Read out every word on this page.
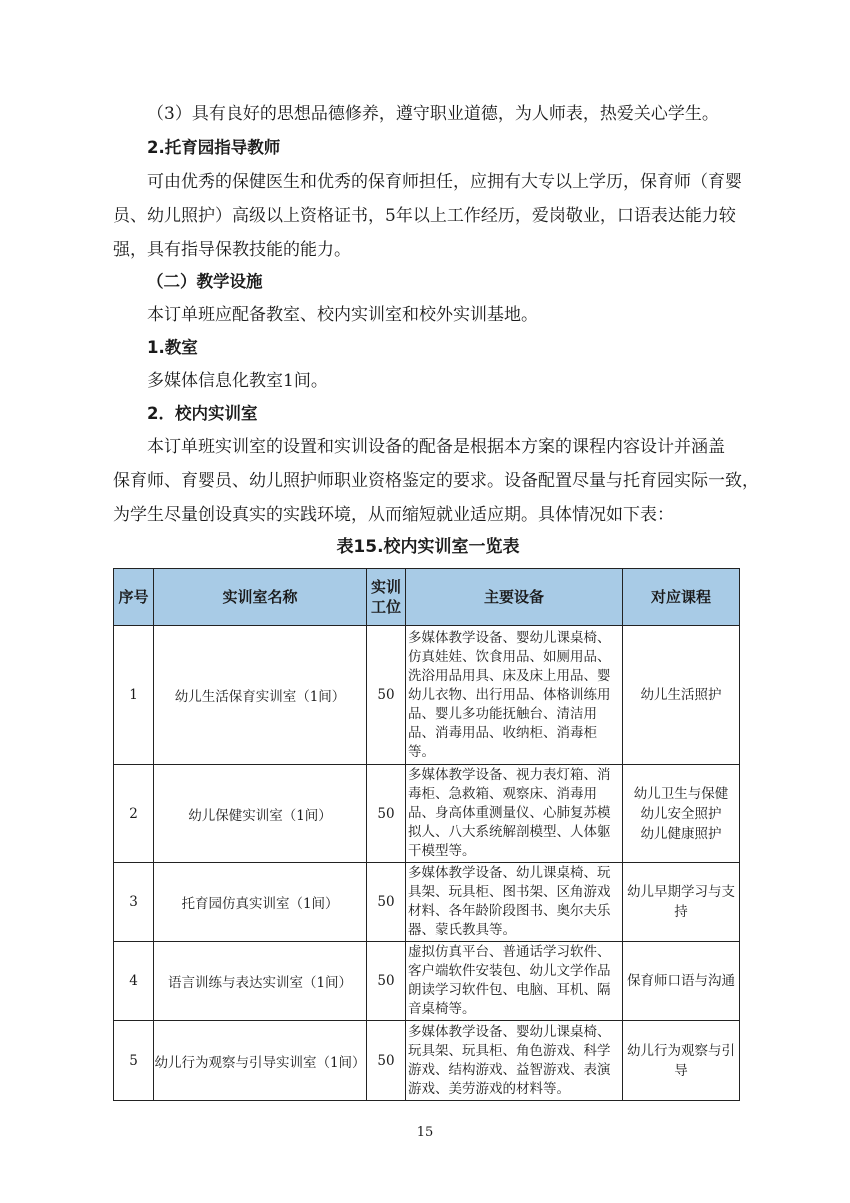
（3）具有良好的思想品德修养，遵守职业道德，为人师表，热爱关心学生。
2.托育园指导教师
可由优秀的保健医生和优秀的保育师担任，应拥有大专以上学历，保育师（育婴
员、幼儿照护）高级以上资格证书，5年以上工作经历，爱岗敬业，口语表达能力较
强，具有指导保教技能的能力。
（二）教学设施
本订单班应配备教室、校内实训室和校外实训基地。
1.教室
多媒体信息化教室1间。
2．校内实训室
本订单班实训室的设置和实训设备的配备是根据本方案的课程内容设计并涵盖
保育师、育婴员、幼儿照护师职业资格鉴定的要求。设备配置尽量与托育园实际一致，
为学生尽量创设真实的实践环境，从而缩短就业适应期。具体情况如下表：
表15.校内实训室一览表
序号	实训室名称	实训工位	主要设备	对应课程
1	幼儿生活保育实训室（1间）	50	多媒体教学设备、婴幼儿课桌椅、仿真娃娃、饮食用品、如厕用品、洗浴用品用具、床及床上用品、婴幼儿衣物、出行用品、体格训练用品、婴儿多功能抚触台、清洁用品、消毒用品、收纳柜、消毒柜等。	幼儿生活照护
2	幼儿保健实训室（1间）	50	多媒体教学设备、视力表灯箱、消毒柜、急救箱、观察床、消毒用品、身高体重测量仪、心肺复苏模拟人、八大系统解剖模型、人体躯干模型等。	幼儿卫生与保健
幼儿安全照护
幼儿健康照护
3	托育园仿真实训室（1间）	50	多媒体教学设备、幼儿课桌椅、玩具架、玩具柜、图书架、区角游戏材料、各年龄阶段图书、奥尔夫乐器、蒙氏教具等。	幼儿早期学习与支持
4	语言训练与表达实训室（1间）	50	虚拟仿真平台、普通话学习软件、客户端软件安装包、幼儿文学作品朗读学习软件包、电脑、耳机、隔音桌椅等。	保育师口语与沟通
5	幼儿行为观察与引导实训室（1间）	50	多媒体教学设备、婴幼儿课桌椅、玩具架、玩具柜、角色游戏、科学游戏、结构游戏、益智游戏、表演游戏、美劳游戏的材料等。	幼儿行为观察与引导
15
